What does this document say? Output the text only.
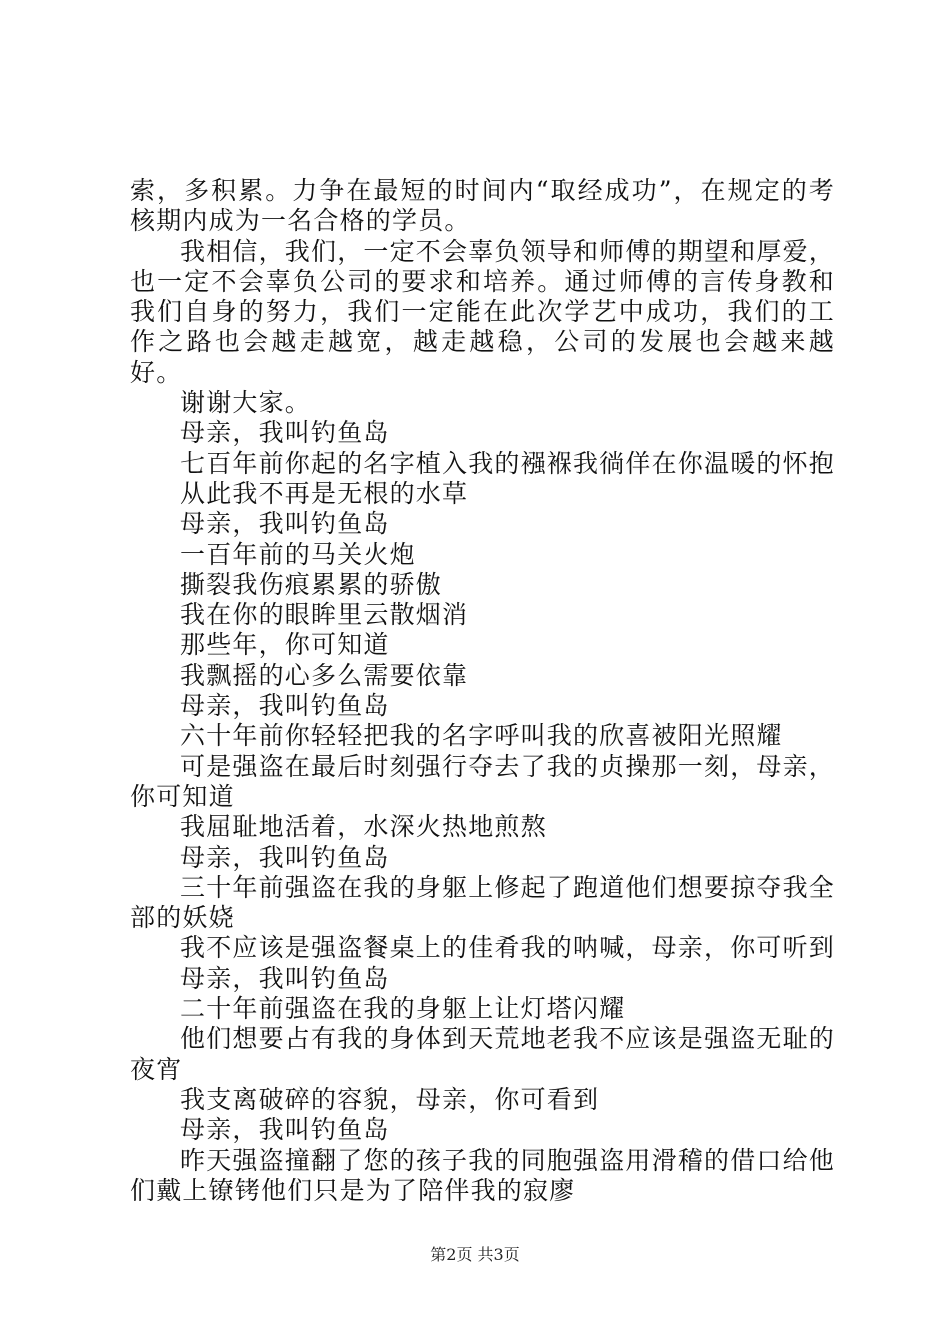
索，多积累。力争在最短的时间内“取经成功”，在规定的考核期内成为一名合格的学员。

我相信，我们，一定不会辜负领导和师傅的期望和厚爱，也一定不会辜负公司的要求和培养。通过师傅的言传身教和我们自身的努力，我们一定能在此次学艺中成功，我们的工作之路也会越走越宽，越走越稳，公司的发展也会越来越好。

谢谢大家。

母亲，我叫钓鱼岛

七百年前你起的名字植入我的襁褓我徜佯在你温暖的怀抱

从此我不再是无根的水草

母亲，我叫钓鱼岛

一百年前的马关火炮

撕裂我伤痕累累的骄傲

我在你的眼眸里云散烟消

那些年，你可知道

我飘摇的心多么需要依靠

母亲，我叫钓鱼岛

六十年前你轻轻把我的名字呼叫我的欣喜被阳光照耀

可是强盗在最后时刻强行夺去了我的贞操那一刻，母亲，你可知道

我屈耻地活着，水深火热地煎熬

母亲，我叫钓鱼岛

三十年前强盗在我的身躯上修起了跑道他们想要掠夺我全部的妖娆

我不应该是强盗餐桌上的佳肴我的呐喊，母亲，你可听到

母亲，我叫钓鱼岛

二十年前强盗在我的身躯上让灯塔闪耀

他们想要占有我的身体到天荒地老我不应该是强盗无耻的夜宵

我支离破碎的容貌，母亲，你可看到

母亲，我叫钓鱼岛

昨天强盗撞翻了您的孩子我的同胞强盗用滑稽的借口给他们戴上镣铐他们只是为了陪伴我的寂廖

第2页 共3页
